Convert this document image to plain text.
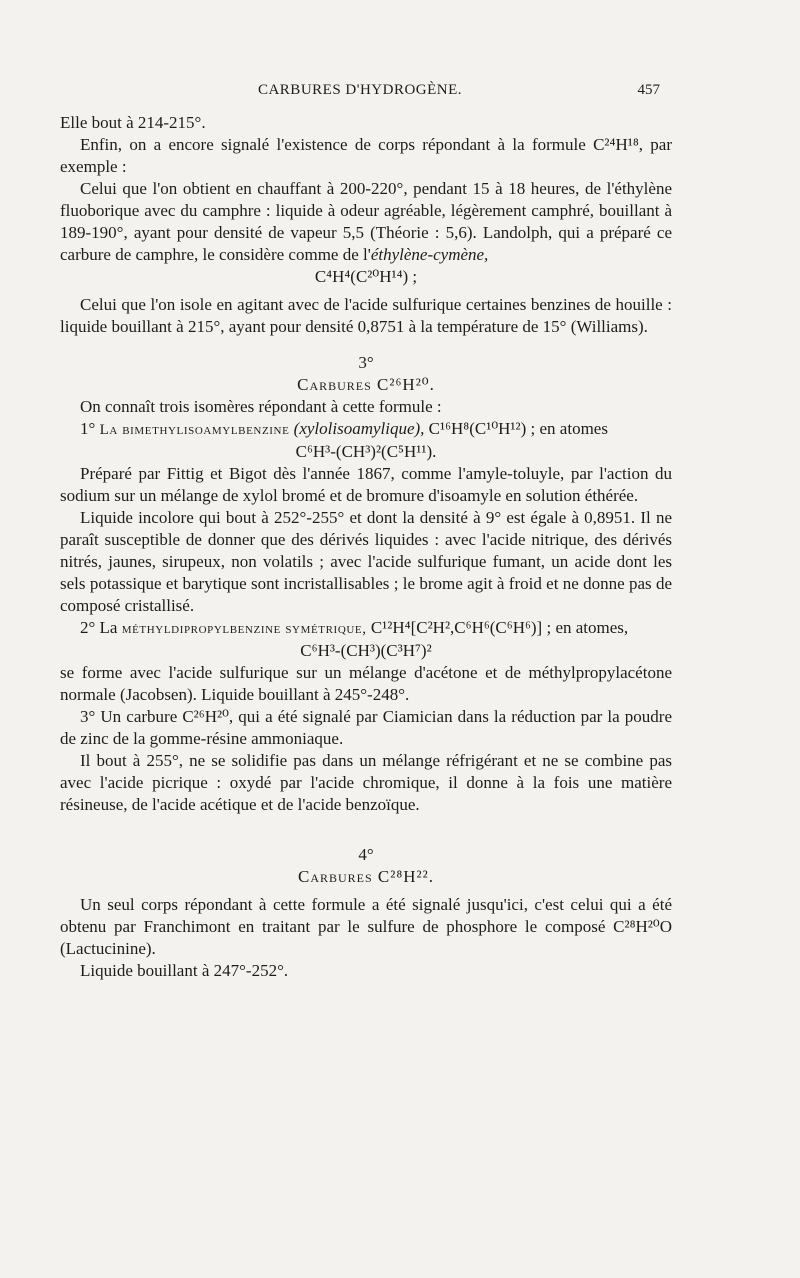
CARBURES D'HYDROGÈNE.	457

Elle bout à 214-215°.

Enfin, on a encore signalé l'existence de corps répondant à la formule C²⁴H¹⁸, par exemple :

Celui que l'on obtient en chauffant à 200-220°, pendant 15 à 18 heures, de l'éthylène fluoborique avec du camphre : liquide à odeur agréable, légèrement camphré, bouillant à 189-190°, ayant pour densité de vapeur 5,5 (Théorie : 5,6). Landolph, qui a préparé ce carbure de camphre, le considère comme de l'éthylène-cymène,

C⁴H⁴(C²⁰H¹⁴) ;

Celui que l'on isole en agitant avec de l'acide sulfurique certaines benzines de houille : liquide bouillant à 215°, ayant pour densité 0,8751 à la température de 15° (Williams).

3°

Carbures C²⁶H²⁰.

On connaît trois isomères répondant à cette formule :

1° La bimethylisoamylbenzine (xylolisoamylique), C¹⁶H⁸(C¹⁰H¹²) ; en atomes

C⁶H³-(CH³)²(C⁵H¹¹).

Préparé par Fittig et Bigot dès l'année 1867, comme l'amyle-toluyle, par l'action du sodium sur un mélange de xylol bromé et de bromure d'isoamyle en solution éthérée.

Liquide incolore qui bout à 252°-255° et dont la densité à 9° est égale à 0,8951. Il ne paraît susceptible de donner que des dérivés liquides : avec l'acide nitrique, des dérivés nitrés, jaunes, sirupeux, non volatils ; avec l'acide sulfurique fumant, un acide dont les sels potassique et barytique sont incristallisables ; le brome agit à froid et ne donne pas de composé cristallisé.

2° La méthyldipropylbenzine symétrique, C¹²H⁴[C²H²,C⁶H⁶(C⁶H⁶)] ; en atomes,

C⁶H³-(CH³)(C³H⁷)²

se forme avec l'acide sulfurique sur un mélange d'acétone et de méthylpropylacétone normale (Jacobsen). Liquide bouillant à 245°-248°.

3° Un carbure C²⁶H²⁰, qui a été signalé par Ciamician dans la réduction par la poudre de zinc de la gomme-résine ammoniaque.

Il bout à 255°, ne se solidifie pas dans un mélange réfrigérant et ne se combine pas avec l'acide picrique : oxydé par l'acide chromique, il donne à la fois une matière résineuse, de l'acide acétique et de l'acide benzoïque.

4°

Carbures C²⁸H²².

Un seul corps répondant à cette formule a été signalé jusqu'ici, c'est celui qui a été obtenu par Franchimont en traitant par le sulfure de phosphore le composé C²⁸H²⁰O (Lactucinine).

Liquide bouillant à 247°-252°.
